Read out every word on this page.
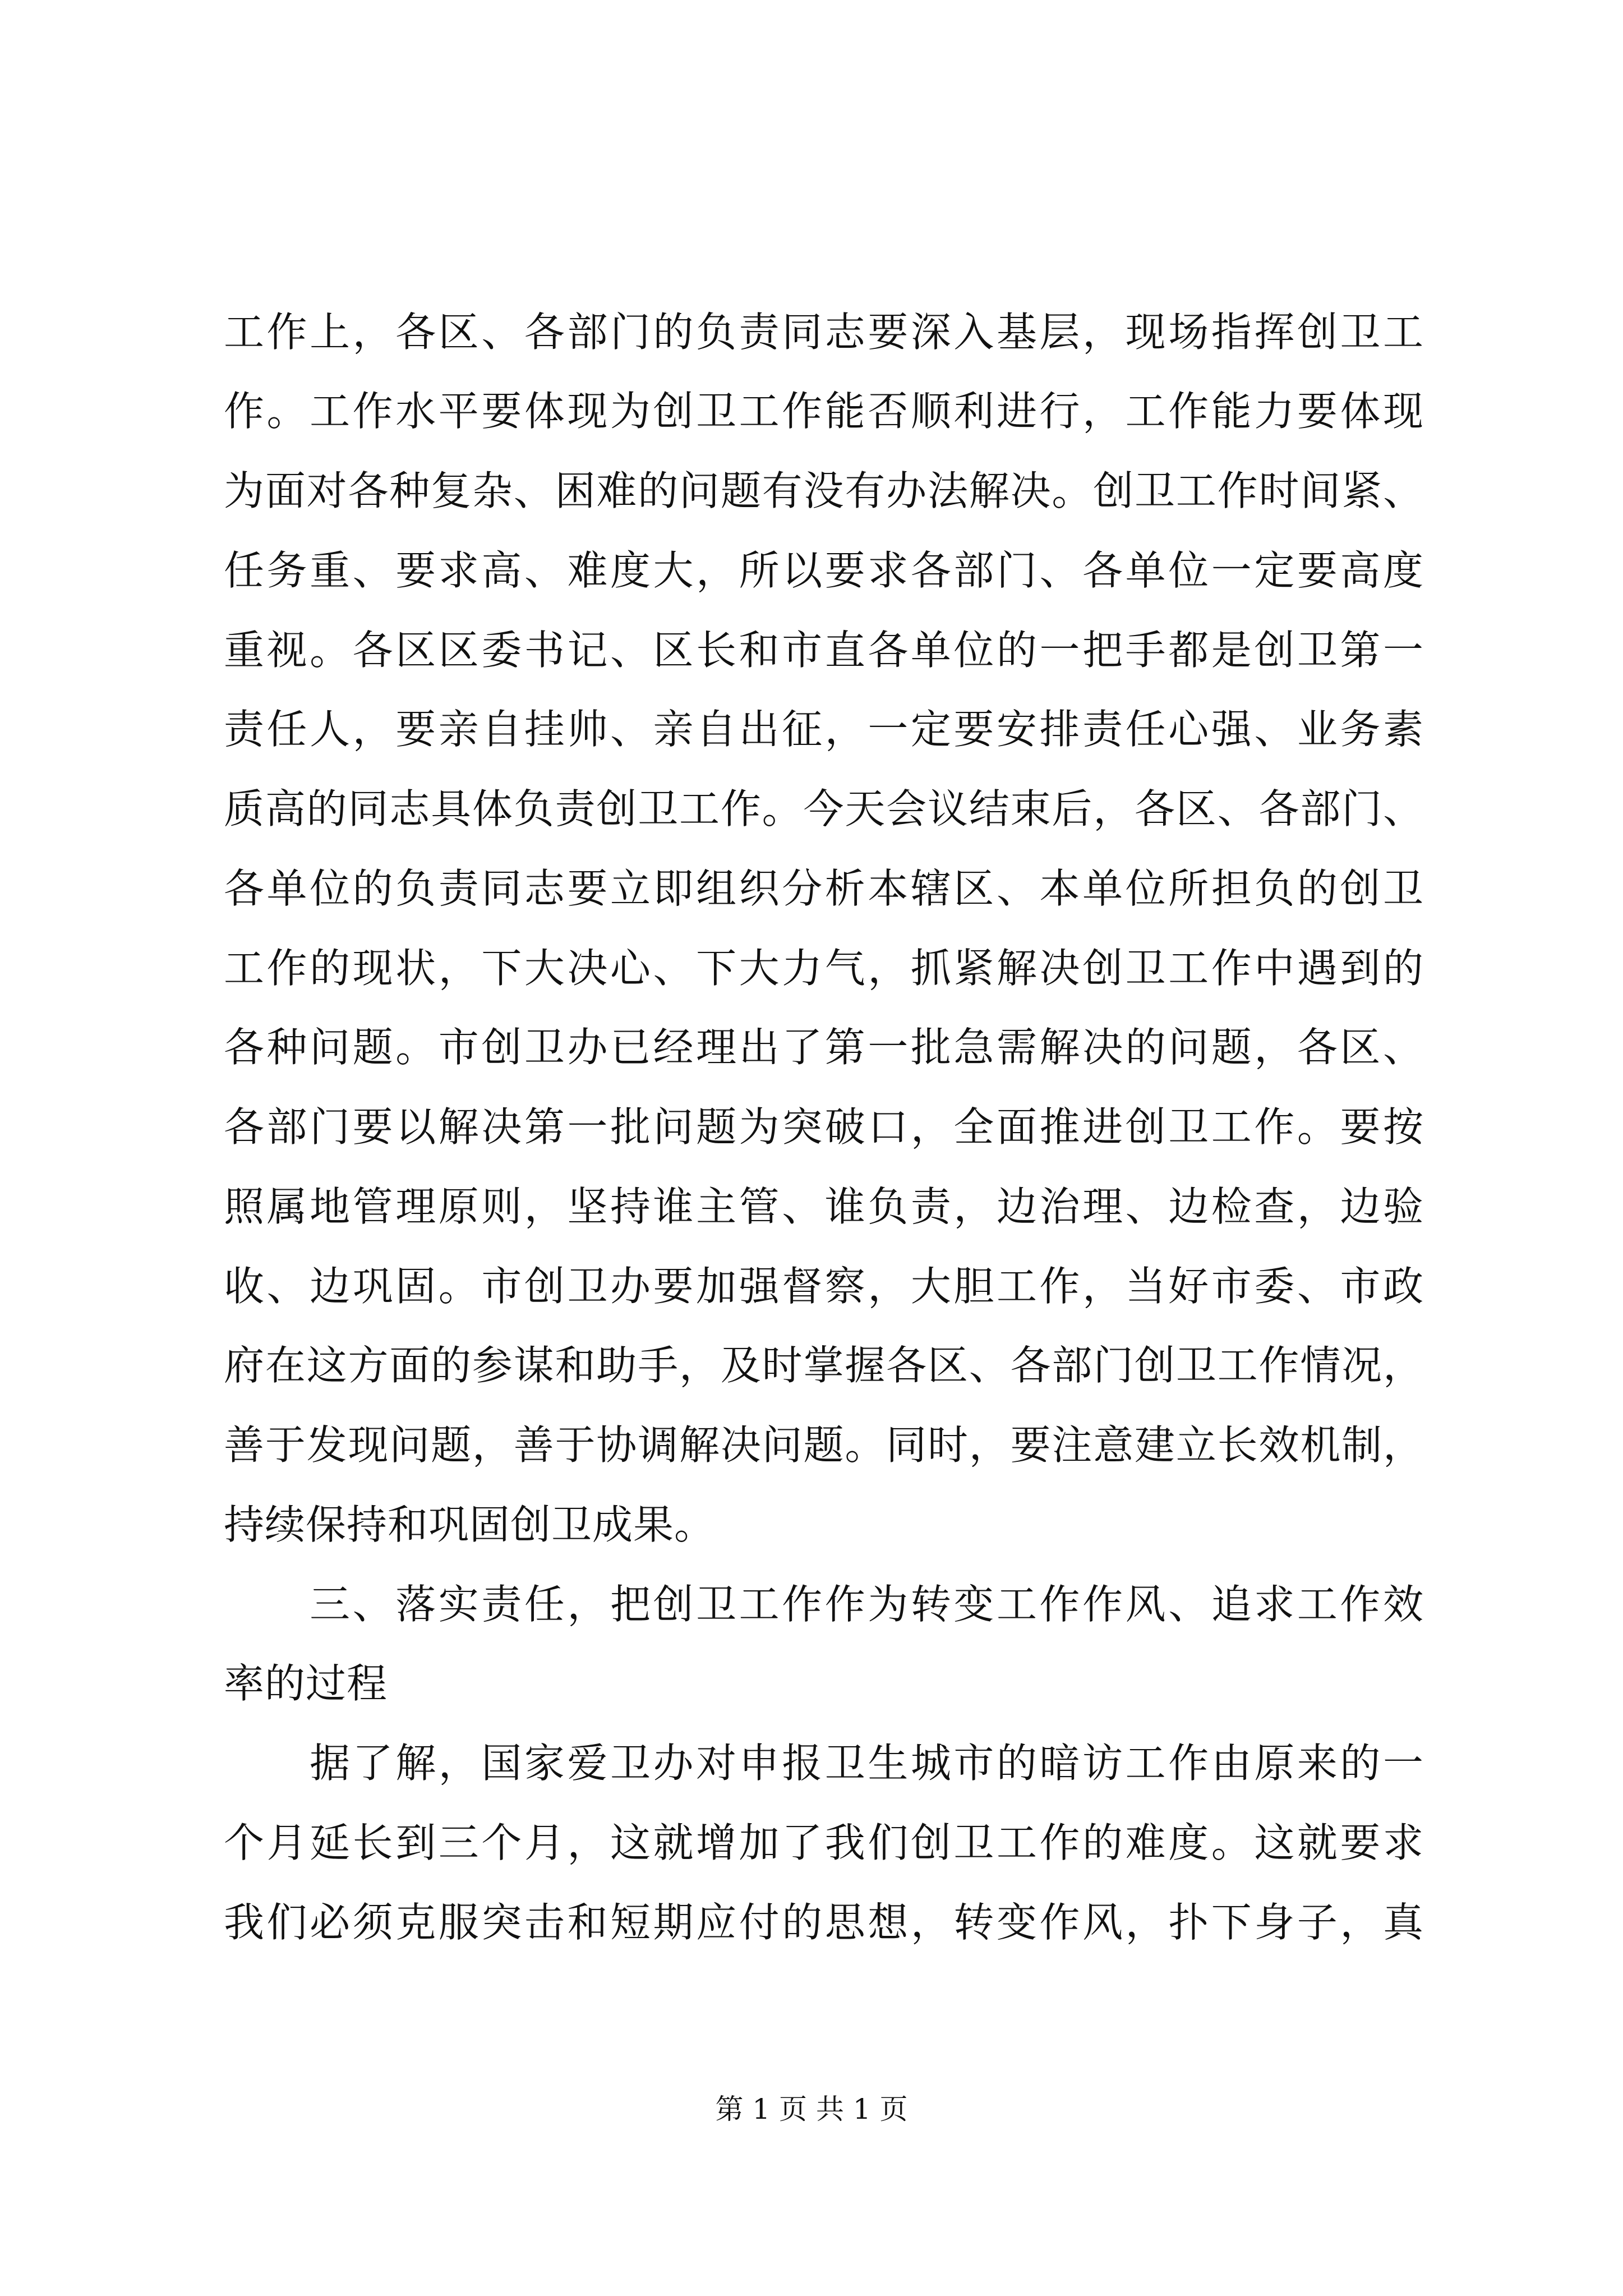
工作上，各区、各部门的负责同志要深入基层，现场指挥创卫工
作。工作水平要体现为创卫工作能否顺利进行，工作能力要体现
为面对各种复杂、困难的问题有没有办法解决。创卫工作时间紧、
任务重、要求高、难度大，所以要求各部门、各单位一定要高度
重视。各区区委书记、区长和市直各单位的一把手都是创卫第一
责任人，要亲自挂帅、亲自出征，一定要安排责任心强、业务素
质高的同志具体负责创卫工作。今天会议结束后，各区、各部门、
各单位的负责同志要立即组织分析本辖区、本单位所担负的创卫
工作的现状，下大决心、下大力气，抓紧解决创卫工作中遇到的
各种问题。市创卫办已经理出了第一批急需解决的问题，各区、
各部门要以解决第一批问题为突破口，全面推进创卫工作。要按
照属地管理原则，坚持谁主管、谁负责，边治理、边检查，边验
收、边巩固。市创卫办要加强督察，大胆工作，当好市委、市政
府在这方面的参谋和助手，及时掌握各区、各部门创卫工作情况，
善于发现问题，善于协调解决问题。同时，要注意建立长效机制，
持续保持和巩固创卫成果。
　　三、落实责任，把创卫工作作为转变工作作风、追求工作效
率的过程
　　据了解，国家爱卫办对申报卫生城市的暗访工作由原来的一
个月延长到三个月，这就增加了我们创卫工作的难度。这就要求
我们必须克服突击和短期应付的思想，转变作风，扑下身子，真
第 1 页 共 1 页
